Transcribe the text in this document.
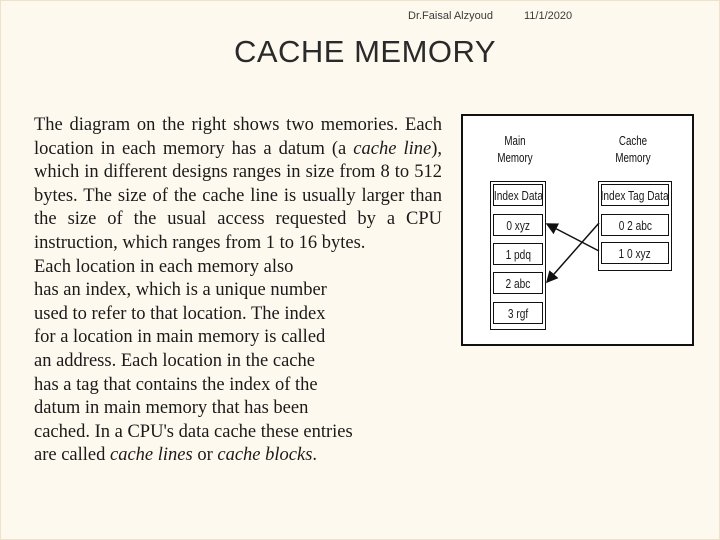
Dr.Faisal Alzyoud	11/1/2020
CACHE MEMORY
The diagram on the right shows two memories. Each location in each memory has a datum (a cache line), which in different designs ranges in size from 8 to 512 bytes. The size of the cache line is usually larger than the size of the usual access requested by a CPU instruction, which ranges from 1 to 16 bytes.
Each location in each memory also
has an index, which is a unique number
used to refer to that location. The index
for a location in main memory is called
an address. Each location in the cache
has a tag that contains the index of the
datum in main memory that has been
cached. In a CPU's data cache these entries
are called cache lines or cache blocks.
Main
Memory
Cache
Memory
Index Data
0 xyz
1 pdq
2 abc
3 rgf
Index Tag Data
0 2 abc
1 0 xyz
